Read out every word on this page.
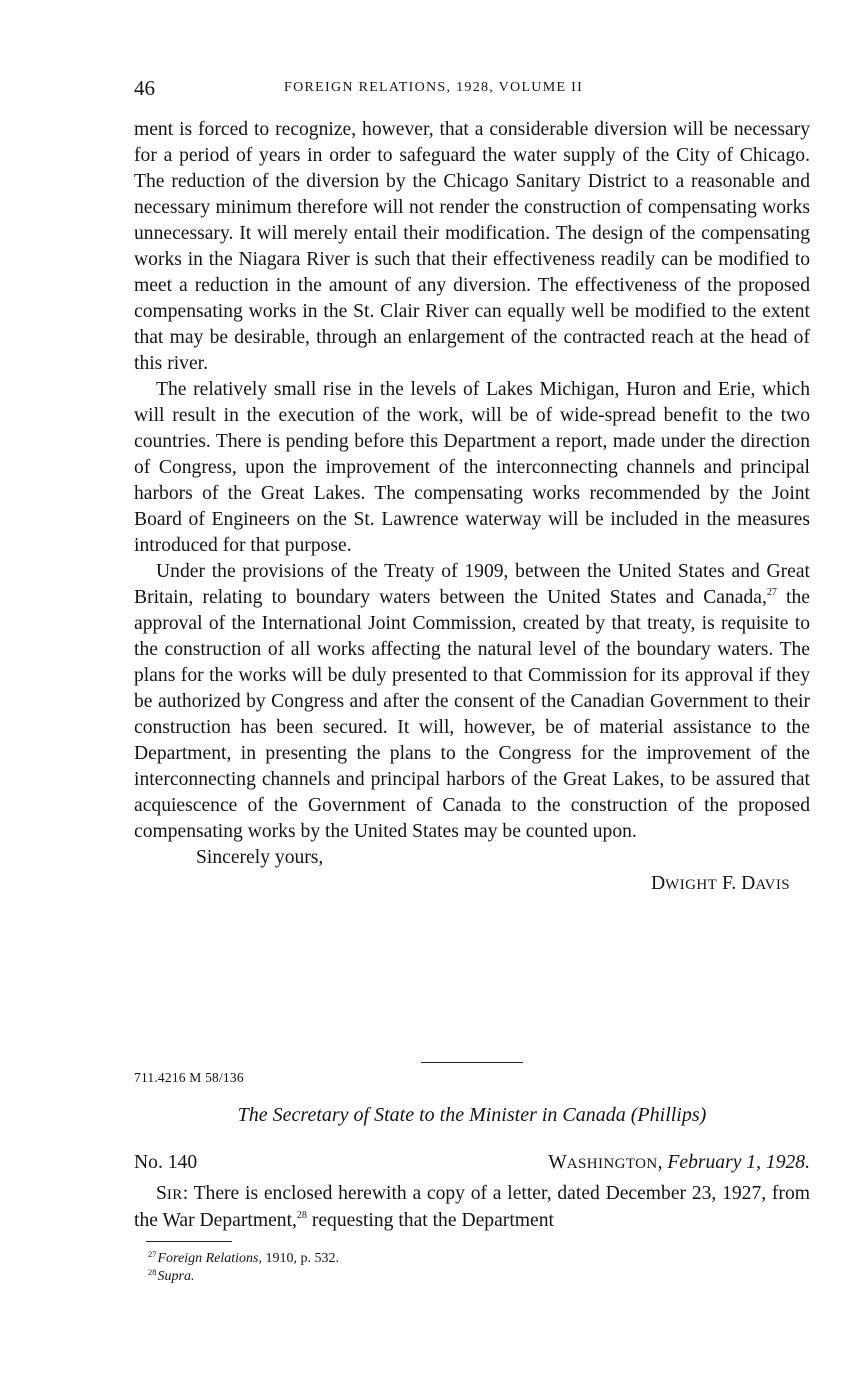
46	FOREIGN RELATIONS, 1928, VOLUME II

ment is forced to recognize, however, that a considerable diversion will be necessary for a period of years in order to safeguard the water supply of the City of Chicago. The reduction of the diversion by the Chicago Sanitary District to a reasonable and necessary minimum therefore will not render the construction of compensating works unnecessary. It will merely entail their modification. The design of the compensating works in the Niagara River is such that their effectiveness readily can be modified to meet a reduction in the amount of any diversion. The effectiveness of the proposed compensating works in the St. Clair River can equally well be modified to the extent that may be desirable, through an enlargement of the contracted reach at the head of this river.

The relatively small rise in the levels of Lakes Michigan, Huron and Erie, which will result in the execution of the work, will be of wide-spread benefit to the two countries. There is pending before this Department a report, made under the direction of Congress, upon the improvement of the interconnecting channels and principal harbors of the Great Lakes. The compensating works recommended by the Joint Board of Engineers on the St. Lawrence waterway will be included in the measures introduced for that purpose.

Under the provisions of the Treaty of 1909, between the United States and Great Britain, relating to boundary waters between the United States and Canada,$^{27}$ the approval of the International Joint Commission, created by that treaty, is requisite to the construction of all works affecting the natural level of the boundary waters. The plans for the works will be duly presented to that Commission for its approval if they be authorized by Congress and after the consent of the Canadian Government to their construction has been secured. It will, however, be of material assistance to the Department, in presenting the plans to the Congress for the improvement of the interconnecting channels and principal harbors of the Great Lakes, to be assured that acquiescence of the Government of Canada to the construction of the proposed compensating works by the United States may be counted upon.

Sincerely yours,

DWIGHT F. DAVIS

711.4216 M 58/136
The Secretary of State to the Minister in Canada (Phillips)
No. 140	WASHINGTON, February 1, 1928.
SIR: There is enclosed herewith a copy of a letter, dated December 23, 1927, from the War Department,$^{28}$ requesting that the Department
$^{27}$Foreign Relations, 1910, p. 532.
$^{28}$Supra.
